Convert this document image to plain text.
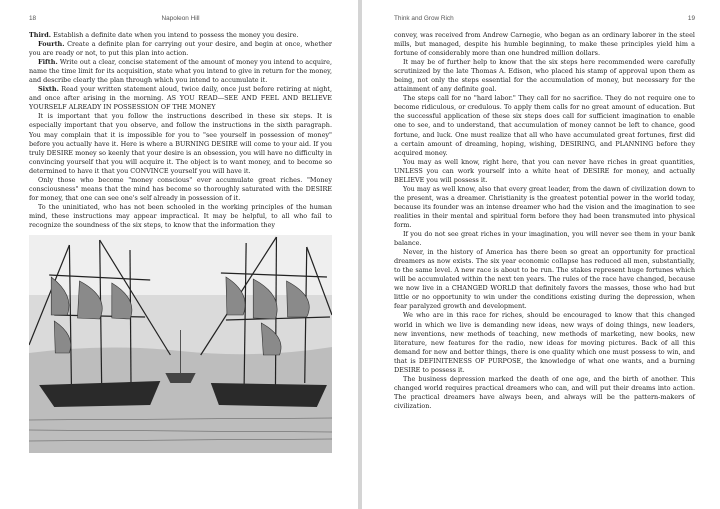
18	Napoleon Hill

Third. Establish a definite date when you intend to possess the money you desire.

Fourth. Create a definite plan for carrying out your desire, and begin at once, whether you are ready or not, to put this plan into action.

Fifth. Write out a clear, concise statement of the amount of money you intend to acquire, name the time limit for its acquisition, state what you intend to give in return for the money, and describe clearly the plan through which you intend to accumulate it.

Sixth. Read your written statement aloud, twice daily, once just before retiring at night, and once after arising in the morning. AS YOU READ—SEE AND FEEL AND BELIEVE YOURSELF ALREADY IN POSSESSION OF THE MONEY

It is important that you follow the instructions described in these six steps. It is especially important that you observe, and follow the instructions in the sixth paragraph. You may complain that it is impossible for you to "see yourself in possession of money" before you actually have it. Here is where a BURNING DESIRE will come to your aid. If you truly DESIRE money so keenly that your desire is an obsession, you will have no difficulty in convincing yourself that you will acquire it. The object is to want money, and to become so determined to have it that you CONVINCE yourself you will have it.

Only those who become "money conscious" ever accumulate great riches. "Money consciousness" means that the mind has become so thoroughly saturated with the DESIRE for money, that one can see one's self already in possession of it.

To the uninitiated, who has not been schooled in the working principles of the human mind, these instructions may appear impractical. It may be helpful, to all who fail to recognize the soundness of the six steps, to know that the information they

Think and Grow Rich	19

convey, was received from Andrew Carnegie, who began as an ordinary laborer in the steel mills, but managed, despite his humble beginning, to make these principles yield him a fortune of considerably more than one hundred million dollars.

It may be of further help to know that the six steps here recommended were carefully scrutinized by the late Thomas A. Edison, who placed his stamp of approval upon them as being, not only the steps essential for the accumulation of money, but necessary for the attainment of any definite goal.

The steps call for no "hard labor." They call for no sacrifice. They do not require one to become ridiculous, or credulous. To apply them calls for no great amount of education. But the successful application of these six steps does call for sufficient imagination to enable one to see, and to understand, that accumulation of money cannot be left to chance, good fortune, and luck. One must realize that all who have accumulated great fortunes, first did a certain amount of dreaming, hoping, wishing, DESIRING, and PLANNING before they acquired money.

You may as well know, right here, that you can never have riches in great quantities, UNLESS you can work yourself into a white heat of DESIRE for money, and actually BELIEVE you will possess it.

You may as well know, also that every great leader, from the dawn of civilization down to the present, was a dreamer. Christianity is the greatest potential power in the world today, because its founder was an intense dreamer who had the vision and the imagination to see realities in their mental and spiritual form before they had been transmuted into physical form.

If you do not see great riches in your imagination, you will never see them in your bank balance.

Never, in the history of America has there been so great an opportunity for practical dreamers as now exists. The six year economic collapse has reduced all men, substantially, to the same level. A new race is about to be run. The stakes represent huge fortunes which will be accumulated within the next ten years. The rules of the race have changed, because we now live in a CHANGED WORLD that definitely favors the masses, those who had but little or no opportunity to win under the conditions existing during the depression, when fear paralyzed growth and development.

We who are in this race for riches, should be encouraged to know that this changed world in which we live is demanding new ideas, new ways of doing things, new leaders, new inventions, new methods of teaching, new methods of marketing, new books, new literature, new features for the radio, new ideas for moving pictures. Back of all this demand for new and better things, there is one quality which one must possess to win, and that is DEFINITENESS OF PURPOSE, the knowledge of what one wants, and a burning DESIRE to possess it.

The business depression marked the death of one age, and the birth of another. This changed world requires practical dreamers who can, and will put their dreams into action. The practical dreamers have always been, and always will be the pattern-makers of civilization.
